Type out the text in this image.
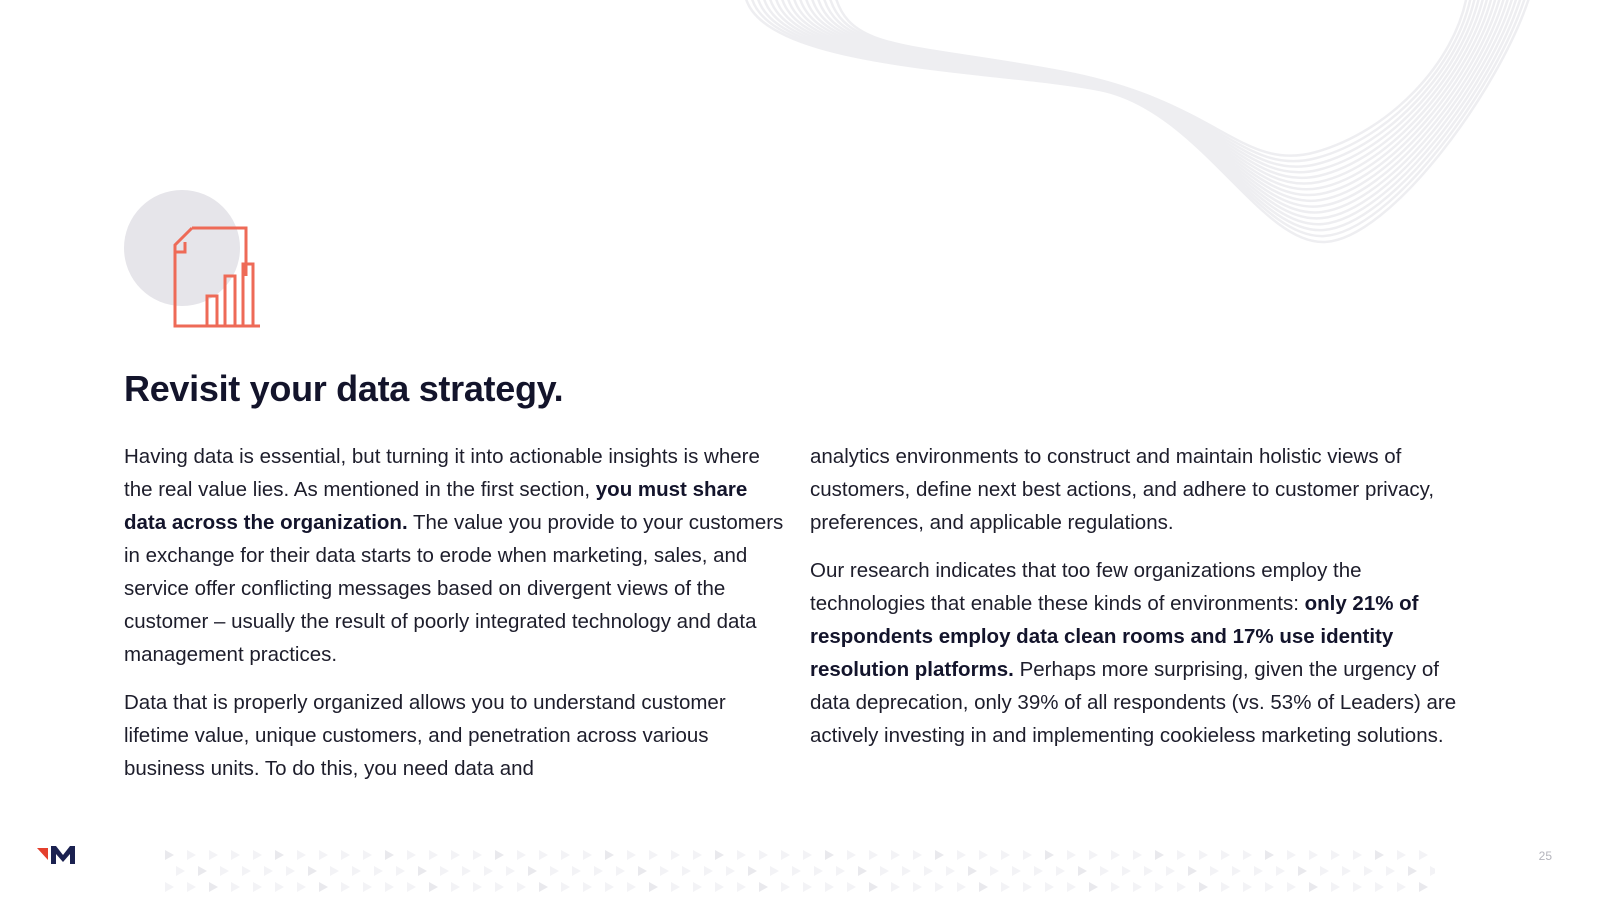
Revisit your data strategy.

Having data is essential, but turning it into actionable insights is where the real value lies. As mentioned in the first section, you must share data across the organization. The value you provide to your customers in exchange for their data starts to erode when marketing, sales, and service offer conflicting messages based on divergent views of the customer – usually the result of poorly integrated technology and data management practices.

Data that is properly organized allows you to understand customer lifetime value, unique customers, and penetration across various business units. To do this, you need data and

analytics environments to construct and maintain holistic views of customers, define next best actions, and adhere to customer privacy, preferences, and applicable regulations.

Our research indicates that too few organizations employ the technologies that enable these kinds of environments: only 21% of respondents employ data clean rooms and 17% use identity resolution platforms. Perhaps more surprising, given the urgency of data deprecation, only 39% of all respondents (vs. 53% of Leaders) are actively investing in and implementing cookieless marketing solutions.

25
